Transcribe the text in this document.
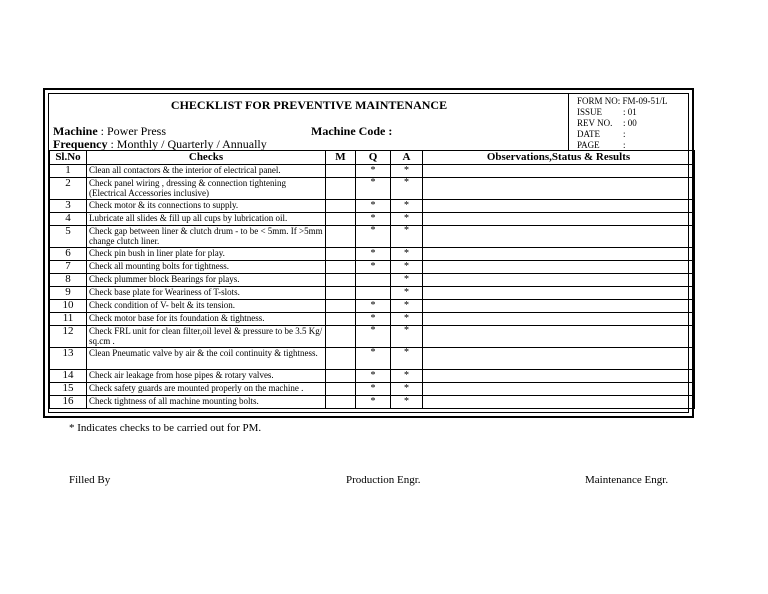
CHECKLIST FOR PREVENTIVE MAINTENANCE
Machine : Power Press	Machine Code :
Frequency : Monthly / Quarterly / Annually
FORM NO: FM-09-51/L
ISSUE : 01
REV NO. : 00
DATE	:
PAGE	:
Sl.No	Checks	M	Q	A	Observations,Status & Results
1	Clean all contactors & the interior of electrical panel.		*	*	
2	Check panel wiring , dressing & connection tightening (Electrical Accessories inclusive)		*	*	
3	Check motor & its connections to supply.		*	*	
4	Lubricate all slides & fill up all cups by lubrication oil.		*	*	
5	Check gap between liner & clutch drum - to be < 5mm. If >5mm change clutch liner.		*	*	
6	Check pin bush in liner plate for play.		*	*	
7	Check all mounting bolts for tightness.		*	*	
8	Check plummer block Bearings for plays.			*	
9	Check base plate for Weariness of T-slots.			*	
10	Check condition of V- belt & its tension.		*	*	
11	Check motor base for its foundation & tightness.		*	*	
12	Check FRL unit for clean filter,oil level & pressure to be 3.5 Kg/ sq.cm .		*	*	
13	Clean Pneumatic valve by air & the coil continuity & tightness.		*	*	
14	Check air leakage from hose pipes & rotary valves.		*	*	
15	Check safety guards are mounted properly on the machine .		*	*	
16	Check tightness of all machine mounting bolts.		*	*	
* Indicates checks to be carried out for PM.
Filled By	Production Engr.	Maintenance Engr.
